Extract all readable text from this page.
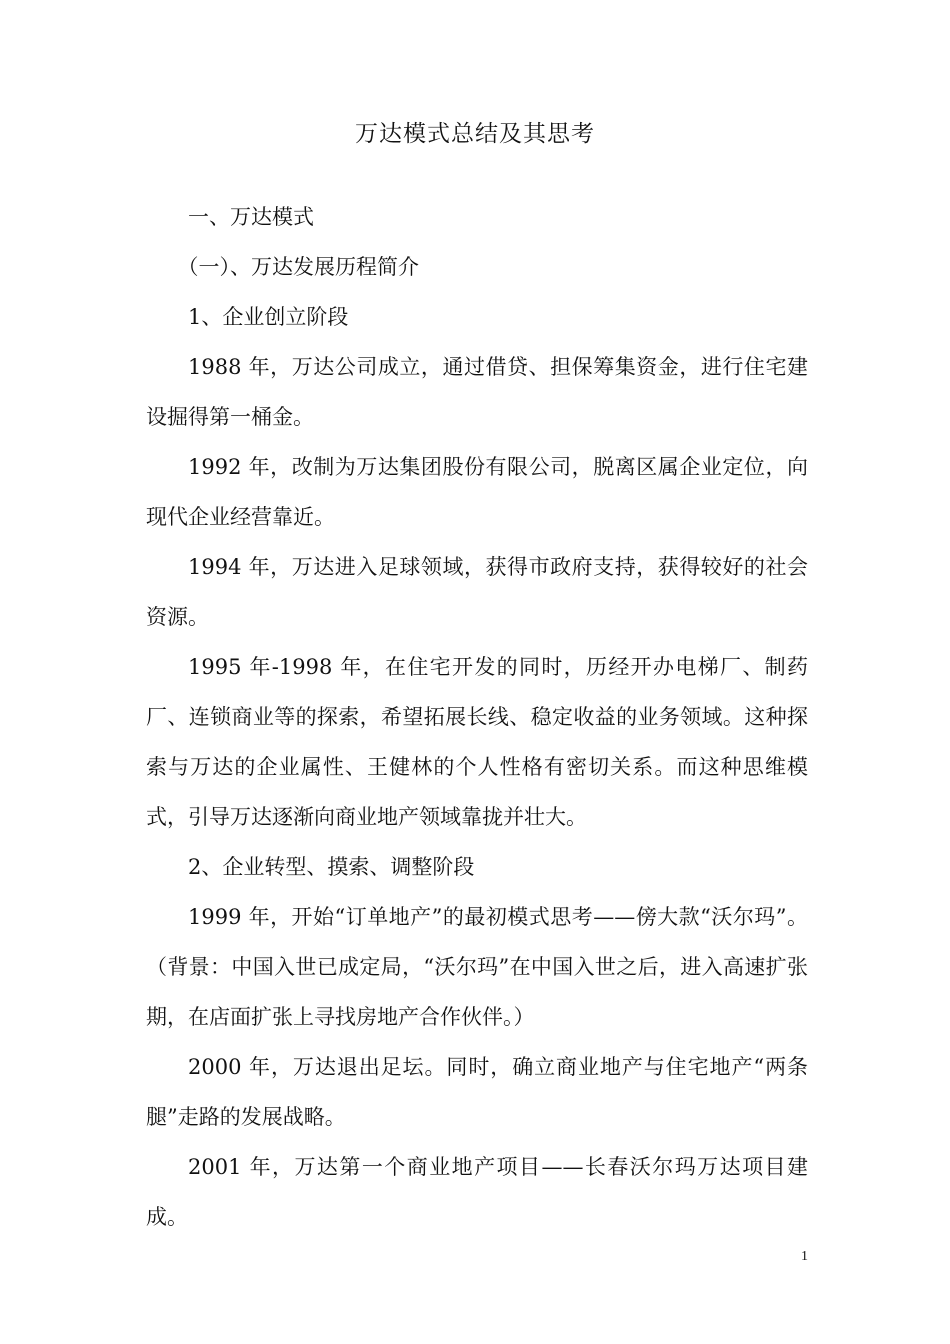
万达模式总结及其思考

一、万达模式

（一）、万达发展历程简介

1、企业创立阶段

1988 年，万达公司成立，通过借贷、担保筹集资金，进行住宅建设掘得第一桶金。

1992 年，改制为万达集团股份有限公司，脱离区属企业定位，向现代企业经营靠近。

1994 年，万达进入足球领域，获得市政府支持，获得较好的社会资源。

1995 年-1998 年，在住宅开发的同时，历经开办电梯厂、制药厂、连锁商业等的探索，希望拓展长线、稳定收益的业务领域。这种探索与万达的企业属性、王健林的个人性格有密切关系。而这种思维模式，引导万达逐渐向商业地产领域靠拢并壮大。

2、企业转型、摸索、调整阶段

1999 年，开始“订单地产”的最初模式思考——傍大款“沃尔玛”。（背景：中国入世已成定局，“沃尔玛”在中国入世之后，进入高速扩张期，在店面扩张上寻找房地产合作伙伴。）

2000 年，万达退出足坛。同时，确立商业地产与住宅地产“两条腿”走路的发展战略。

2001 年，万达第一个商业地产项目——长春沃尔玛万达项目建成。

1
